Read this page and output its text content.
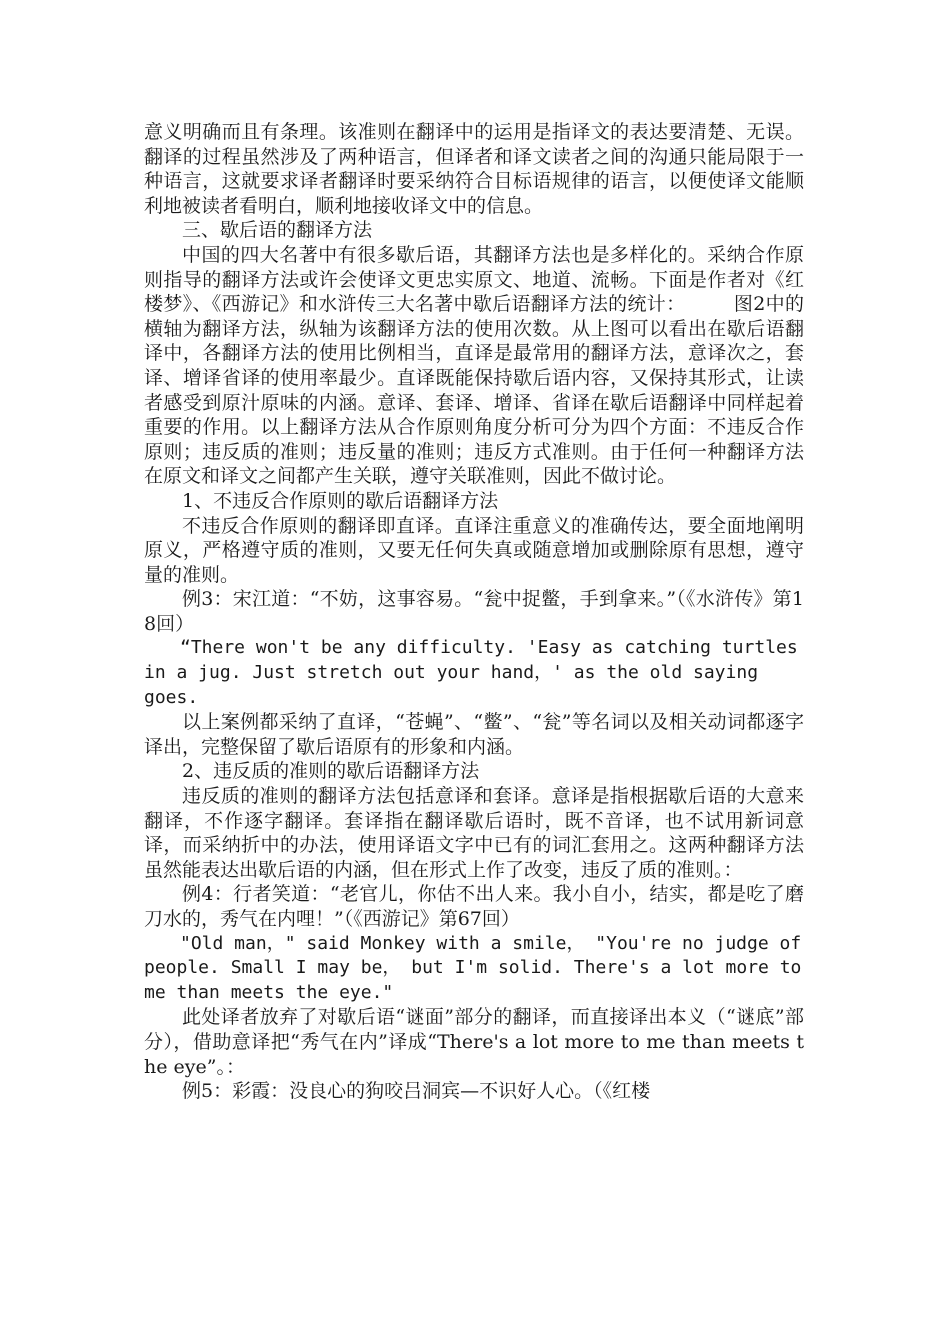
意义明确而且有条理。该准则在翻译中的运用是指译文的表达要清楚、无误。翻译的过程虽然涉及了两种语言，但译者和译文读者之间的沟通只能局限于一种语言，这就要求译者翻译时要采纳符合目标语规律的语言，以便使译文能顺利地被读者看明白，顺利地接收译文中的信息。

三、歇后语的翻译方法

中国的四大名著中有很多歇后语，其翻译方法也是多样化的。采纳合作原则指导的翻译方法或许会使译文更忠实原文、地道、流畅。下面是作者对《红楼梦》、《西游记》和水浒传三大名著中歇后语翻译方法的统计：　　　图2中的横轴为翻译方法，纵轴为该翻译方法的使用次数。从上图可以看出在歇后语翻译中，各翻译方法的使用比例相当，直译是最常用的翻译方法，意译次之，套译、增译省译的使用率最少。直译既能保持歇后语内容，又保持其形式，让读者感受到原汁原味的内涵。意译、套译、增译、省译在歇后语翻译中同样起着重要的作用。以上翻译方法从合作原则角度分析可分为四个方面：不违反合作原则；违反质的准则；违反量的准则；违反方式准则。由于任何一种翻译方法在原文和译文之间都产生关联，遵守关联准则，因此不做讨论。

1、不违反合作原则的歇后语翻译方法

不违反合作原则的翻译即直译。直译注重意义的准确传达，要全面地阐明原义，严格遵守质的准则，又要无任何失真或随意增加或删除原有思想，遵守量的准则。

例3：宋江道：“不妨，这事容易。“瓮中捉鳖，手到拿来。”（《水浒传》第18回）

“There won't be any difficulty. 'Easy as catching turtles in a jug. Just stretch out your hand，' as the old saying goes.

以上案例都采纳了直译，“苍蝇”、“鳖”、“瓮”等名词以及相关动词都逐字译出，完整保留了歇后语原有的形象和内涵。

2、违反质的准则的歇后语翻译方法

违反质的准则的翻译方法包括意译和套译。意译是指根据歇后语的大意来翻译，不作逐字翻译。套译指在翻译歇后语时，既不音译，也不试用新词意译，而采纳折中的办法，使用译语文字中已有的词汇套用之。这两种翻译方法虽然能表达出歇后语的内涵，但在形式上作了改变，违反了质的准则。：

例4：行者笑道：“老官儿，你估不出人来。我小自小，结实，都是吃了磨刀水的，秀气在内哩！”（《西游记》第67回）

"Old man，" said Monkey with a smile， "You're no judge of people. Small I may be， but I'm solid. There's a lot more to me than meets the eye."

此处译者放弃了对歇后语“谜面”部分的翻译，而直接译出本义（“谜底”部分），借助意译把“秀气在内”译成“There's a lot more to me than meets the eye”。：

例5：彩霞：没良心的狗咬吕洞宾—不识好人心。（《红楼
